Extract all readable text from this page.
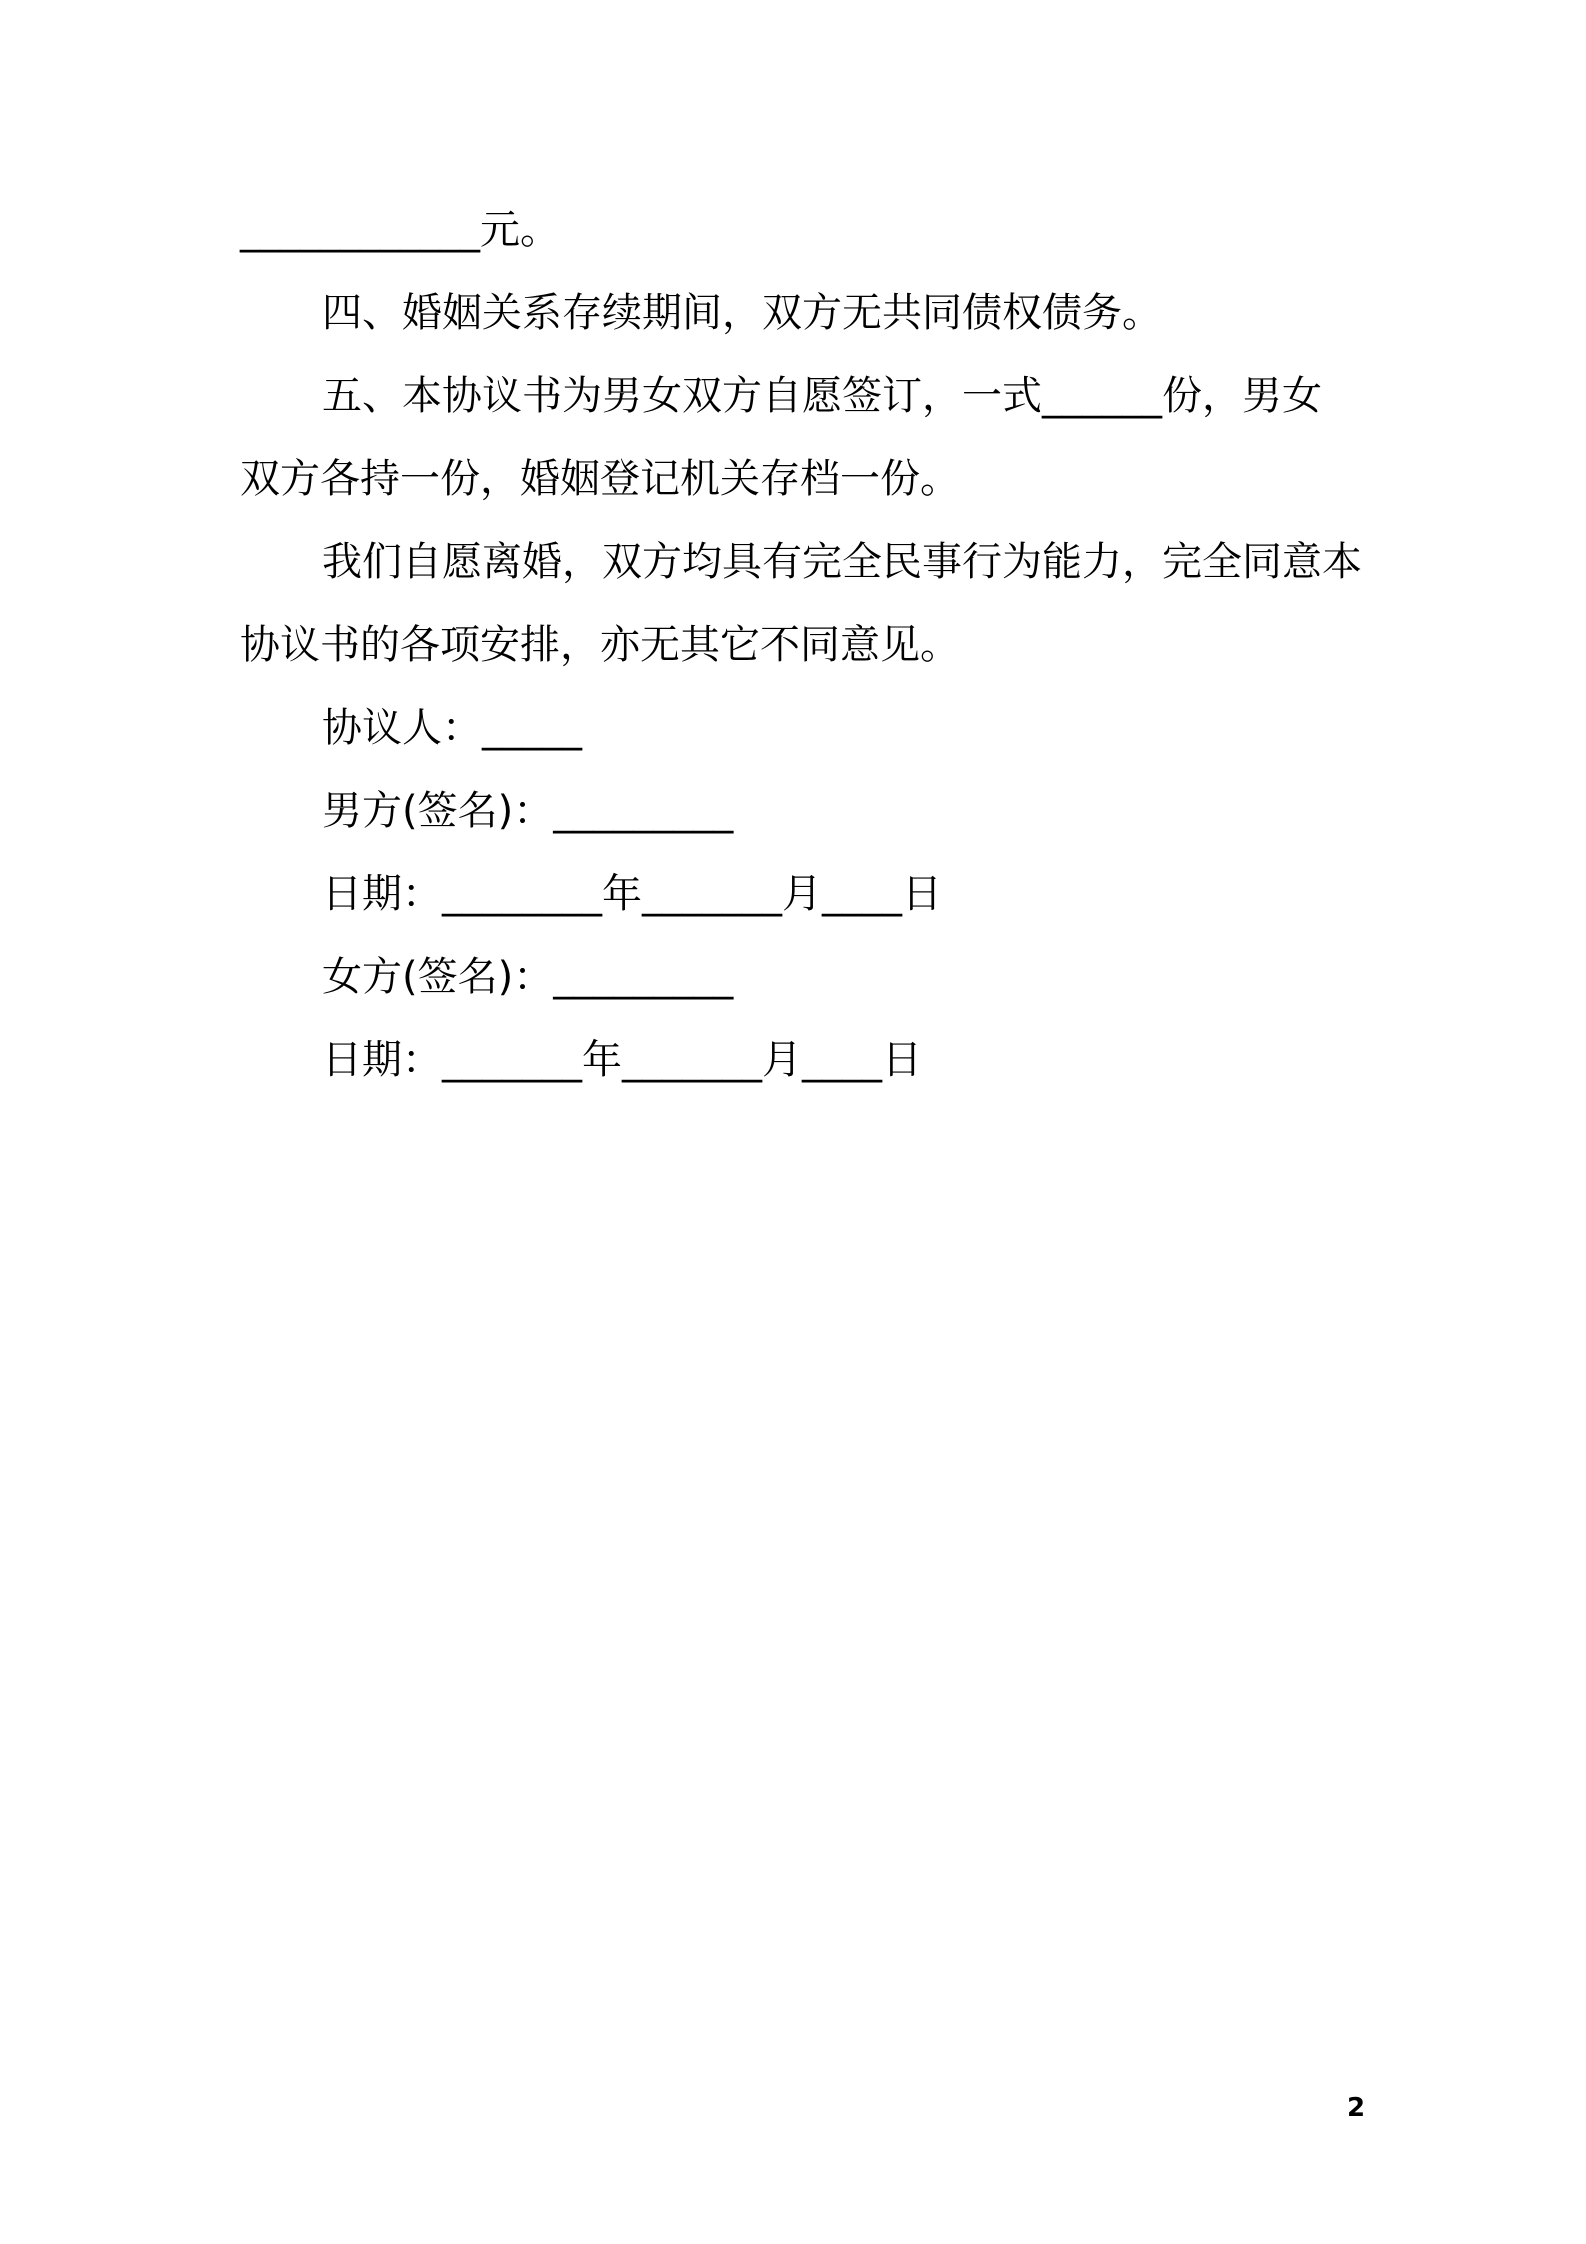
____________元。
四、婚姻关系存续期间，双方无共同债权债务。
五、本协议书为男女双方自愿签订，一式______份，男女
双方各持一份，婚姻登记机关存档一份。
我们自愿离婚，双方均具有完全民事行为能力，完全同意本
协议书的各项安排，亦无其它不同意见。
协议人：_____
男方(签名)：_________
日期：________年_______月____日
女方(签名)：_________
日期：_______年_______月____日
2
